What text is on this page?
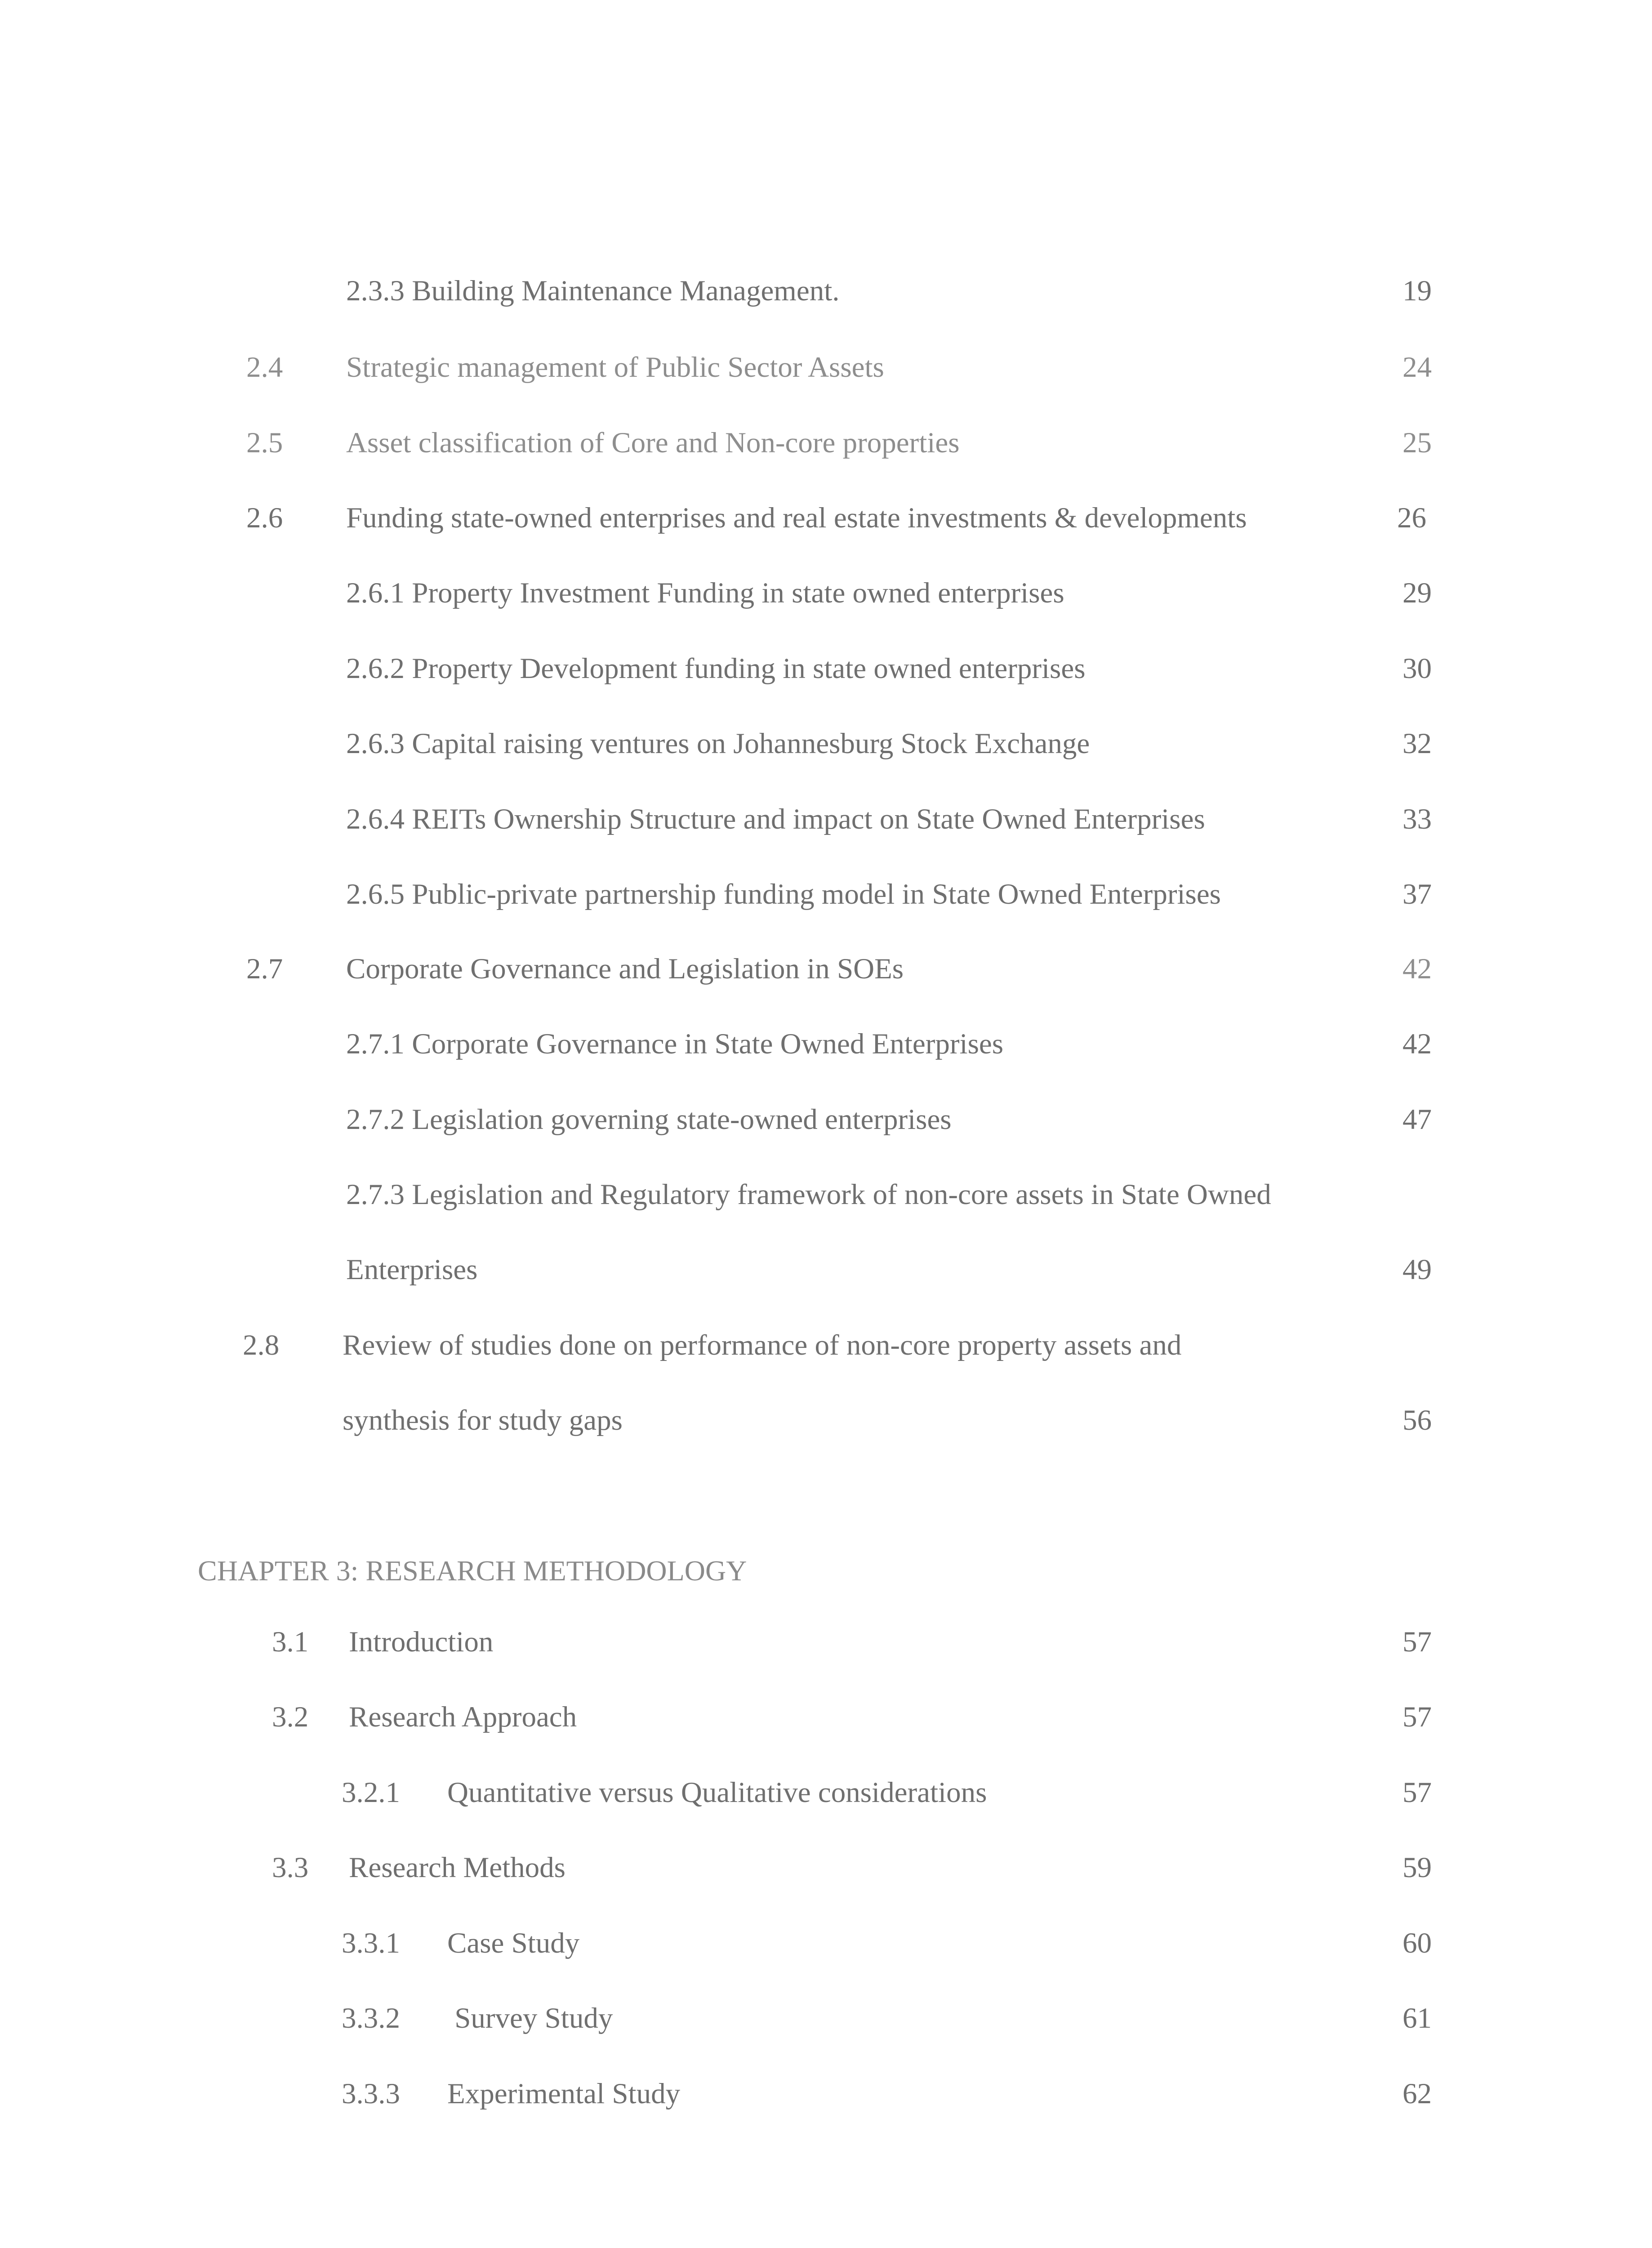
2.3.3 Building Maintenance Management.	19
2.4 Strategic management of Public Sector Assets	24
2.5 Asset classification of Core and Non-core properties	25
2.6 Funding state-owned enterprises and real estate investments & developments	26
2.6.1 Property Investment Funding in state owned enterprises	29
2.6.2 Property Development funding in state owned enterprises	30
2.6.3 Capital raising ventures on Johannesburg Stock Exchange	32
2.6.4 REITs Ownership Structure and impact on State Owned Enterprises	33
2.6.5 Public-private partnership funding model in State Owned Enterprises	37
2.7 Corporate Governance and Legislation in SOEs	42
2.7.1 Corporate Governance in State Owned Enterprises	42
2.7.2 Legislation governing state-owned enterprises	47
2.7.3 Legislation and Regulatory framework of non-core assets in State Owned
Enterprises	49
2.8 Review of studies done on performance of non-core property assets and
synthesis for study gaps	56
CHAPTER 3: RESEARCH METHODOLOGY
3.1 Introduction	57
3.2 Research Approach	57
3.2.1 Quantitative versus Qualitative considerations	57
3.3 Research Methods	59
3.3.1 Case Study	60
3.3.2 Survey Study	61
3.3.3 Experimental Study	62
